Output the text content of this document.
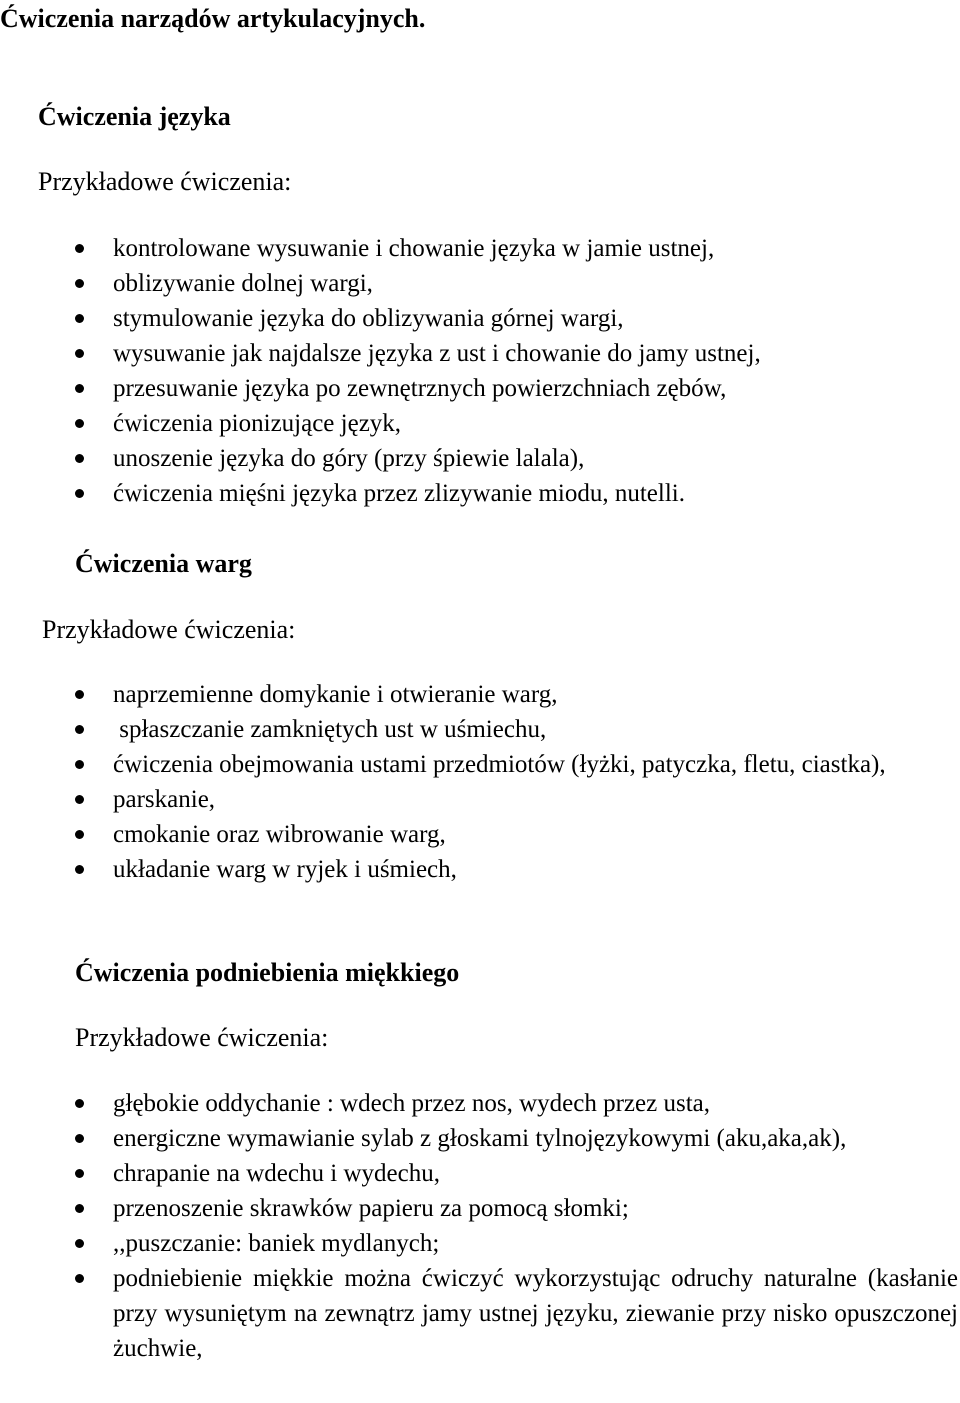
Ćwiczenia narządów artykulacyjnych.
Ćwiczenia języka
Przykładowe ćwiczenia:
kontrolowane wysuwanie i chowanie języka w jamie ustnej,
oblizywanie dolnej wargi,
stymulowanie języka do oblizywania górnej wargi,
wysuwanie jak najdalsze języka z ust i chowanie do jamy ustnej,
przesuwanie języka po zewnętrznych powierzchniach zębów,
ćwiczenia pionizujące język,
unoszenie języka do góry (przy śpiewie lalala),
ćwiczenia mięśni języka przez zlizywanie miodu, nutelli.
Ćwiczenia warg
Przykładowe ćwiczenia:
naprzemienne domykanie i otwieranie warg,
spłaszczanie zamkniętych ust w uśmiechu,
ćwiczenia obejmowania ustami przedmiotów (łyżki, patyczka, fletu, ciastka),
parskanie,
cmokanie oraz wibrowanie warg,
układanie warg w ryjek i uśmiech,
Ćwiczenia podniebienia miękkiego
Przykładowe ćwiczenia:
głębokie oddychanie : wdech przez nos, wydech przez usta,
energiczne wymawianie sylab z głoskami tylnojęzykowymi (aku,aka,ak),
chrapanie na wdechu i wydechu,
przenoszenie skrawków papieru za pomocą słomki;
,,puszczanie: baniek mydlanych;
podniebienie miękkie można ćwiczyć wykorzystując odruchy naturalne (kasłanie przy wysuniętym na zewnątrz jamy ustnej języku, ziewanie przy nisko opuszczonej żuchwie,
